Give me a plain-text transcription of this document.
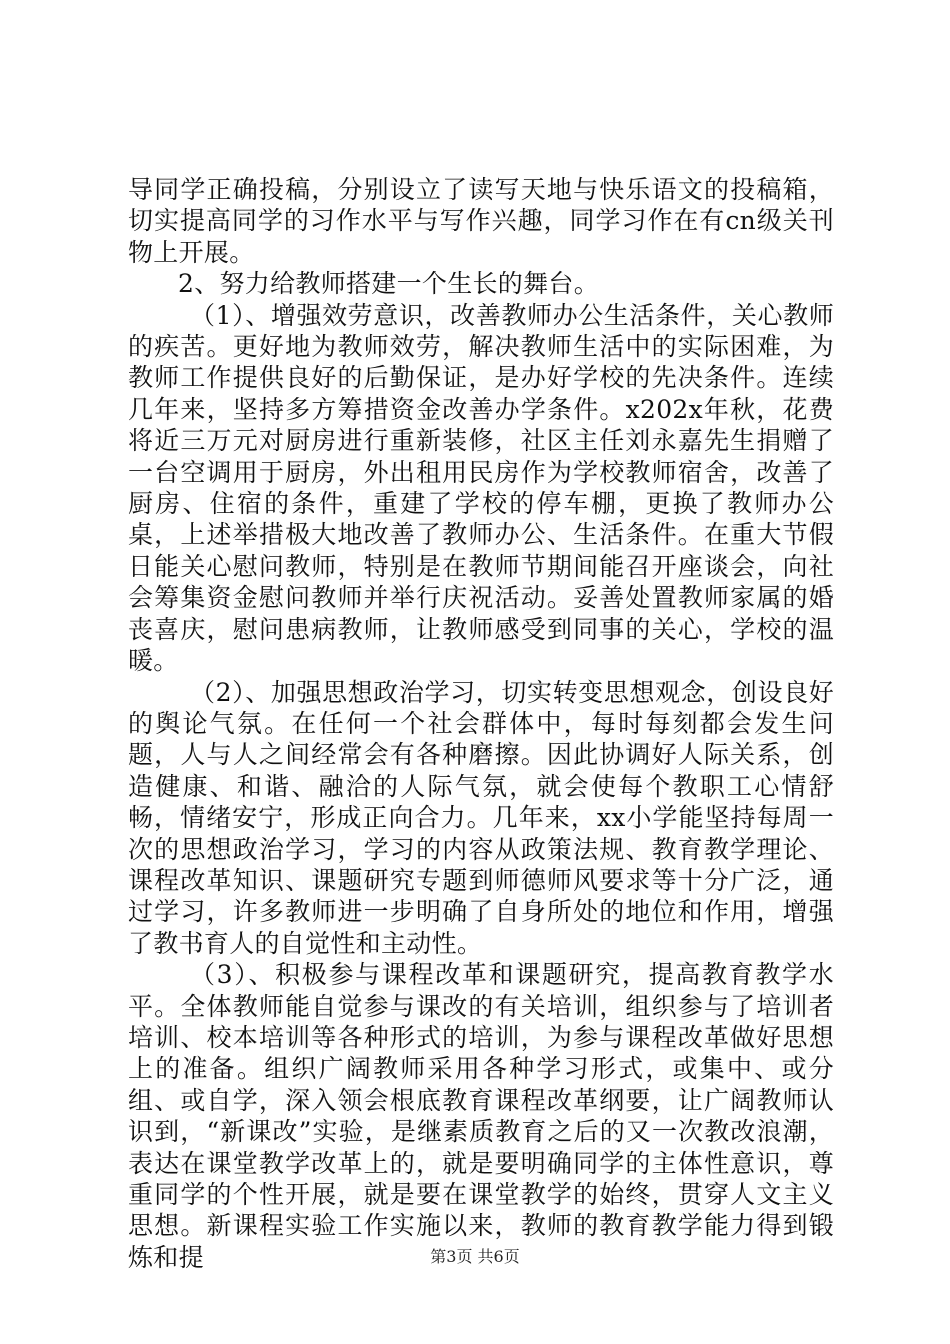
导同学正确投稿，分别设立了读写天地与快乐语文的投稿箱，切实提高同学的习作水平与写作兴趣，同学习作在有cn级关刊物上开展。

2、努力给教师搭建一个生长的舞台。

（1）、增强效劳意识，改善教师办公生活条件，关心教师的疾苦。更好地为教师效劳，解决教师生活中的实际困难，为教师工作提供良好的后勤保证，是办好学校的先决条件。连续几年来，坚持多方筹措资金改善办学条件。x202x年秋，花费将近三万元对厨房进行重新装修，社区主任刘永嘉先生捐赠了一台空调用于厨房，外出租用民房作为学校教师宿舍，改善了厨房、住宿的条件，重建了学校的停车棚，更换了教师办公桌，上述举措极大地改善了教师办公、生活条件。在重大节假日能关心慰问教师，特别是在教师节期间能召开座谈会，向社会筹集资金慰问教师并举行庆祝活动。妥善处置教师家属的婚丧喜庆，慰问患病教师，让教师感受到同事的关心，学校的温暖。

（2）、加强思想政治学习，切实转变思想观念，创设良好的舆论气氛。在任何一个社会群体中，每时每刻都会发生问题，人与人之间经常会有各种磨擦。因此协调好人际关系，创造健康、和谐、融洽的人际气氛，就会使每个教职工心情舒畅，情绪安宁，形成正向合力。几年来，xx小学能坚持每周一次的思想政治学习，学习的内容从政策法规、教育教学理论、课程改革知识、课题研究专题到师德师风要求等十分广泛，通过学习，许多教师进一步明确了自身所处的地位和作用，增强了教书育人的自觉性和主动性。

（3）、积极参与课程改革和课题研究，提高教育教学水平。全体教师能自觉参与课改的有关培训，组织参与了培训者培训、校本培训等各种形式的培训，为参与课程改革做好思想上的准备。组织广阔教师采用各种学习形式，或集中、或分组、或自学，深入领会根底教育课程改革纲要，让广阔教师认识到，“新课改”实验，是继素质教育之后的又一次教改浪潮，表达在课堂教学改革上的，就是要明确同学的主体性意识，尊重同学的个性开展，就是要在课堂教学的始终，贯穿人文主义思想。新课程实验工作实施以来，教师的教育教学能力得到锻炼和提	第3页 共6页
